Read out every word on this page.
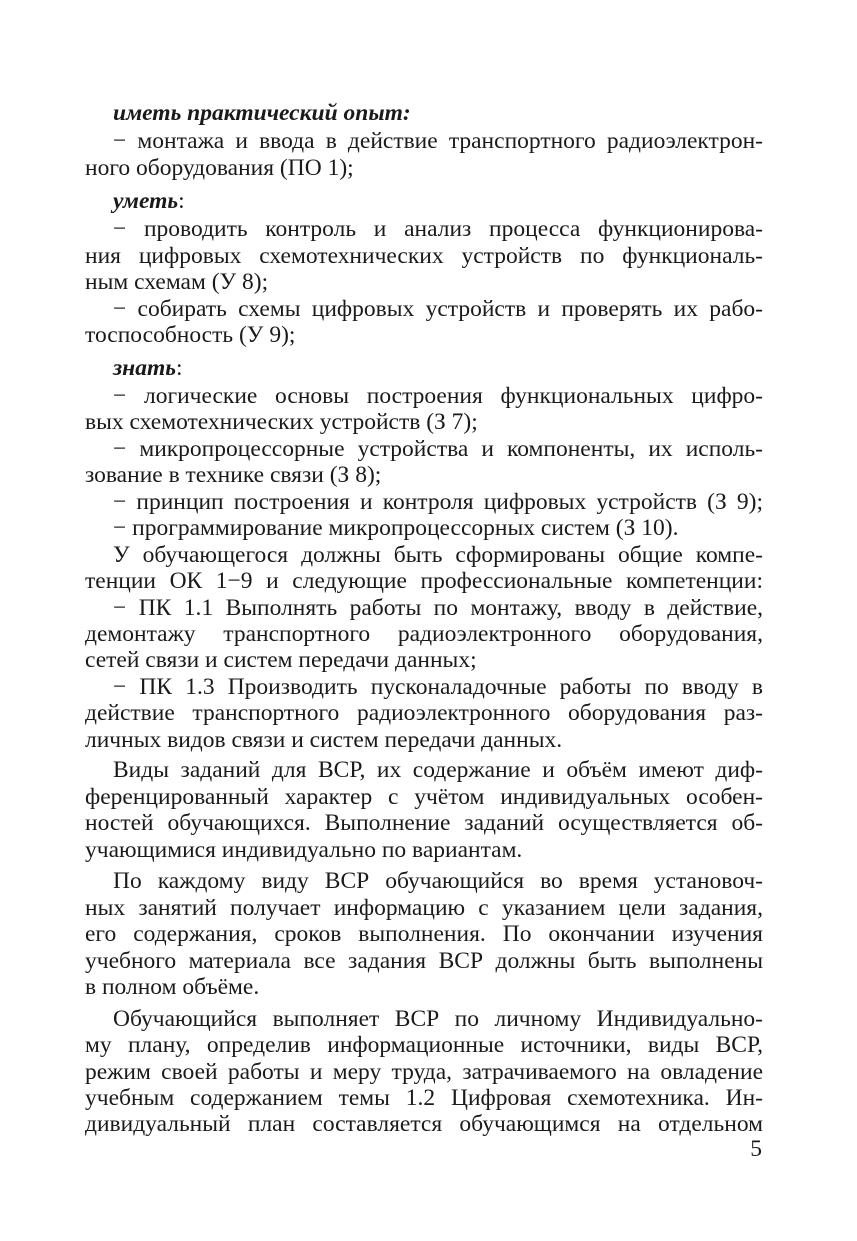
иметь практический опыт:
− монтажа и ввода в действие транспортного радиоэлектрон-
ного оборудования (ПО 1);
уметь:
− проводить контроль и анализ процесса функционирова-
ния цифровых схемотехнических устройств по функциональ-
ным схемам (У 8);
− собирать схемы цифровых устройств и проверять их рабо-
тоспособность (У 9);
знать:
− логические основы построения функциональных цифро-
вых схемотехнических устройств (З 7);
− микропроцессорные устройства и компоненты, их исполь-
зование в технике связи (З 8);
− принцип построения и контроля цифровых устройств (З 9);
− программирование микропроцессорных систем (З 10).
У обучающегося должны быть сформированы общие компе-
тенции ОК 1−9 и следующие профессиональные компетенции:
− ПК 1.1 Выполнять работы по монтажу, вводу в действие,
демонтажу транспортного радиоэлектронного оборудования,
сетей связи и систем передачи данных;
− ПК 1.3 Производить пусконаладочные работы по вводу в
действие транспортного радиоэлектронного оборудования раз-
личных видов связи и систем передачи данных.
Виды заданий для ВСР, их содержание и объём имеют диф-
ференцированный характер с учётом индивидуальных особен-
ностей обучающихся. Выполнение заданий осуществляется об-
учающимися индивидуально по вариантам.
По каждому виду ВСР обучающийся во время установоч-
ных занятий получает информацию с указанием цели задания,
его содержания, сроков выполнения. По окончании изучения
учебного материала все задания ВСР должны быть выполнены
в полном объёме.
Обучающийся выполняет ВСР по личному Индивидуально-
му плану, определив информационные источники, виды ВСР,
режим своей работы и меру труда, затрачиваемого на овладение
учебным содержанием темы 1.2 Цифровая схемотехника. Ин-
дивидуальный план составляется обучающимся на отдельном
5
